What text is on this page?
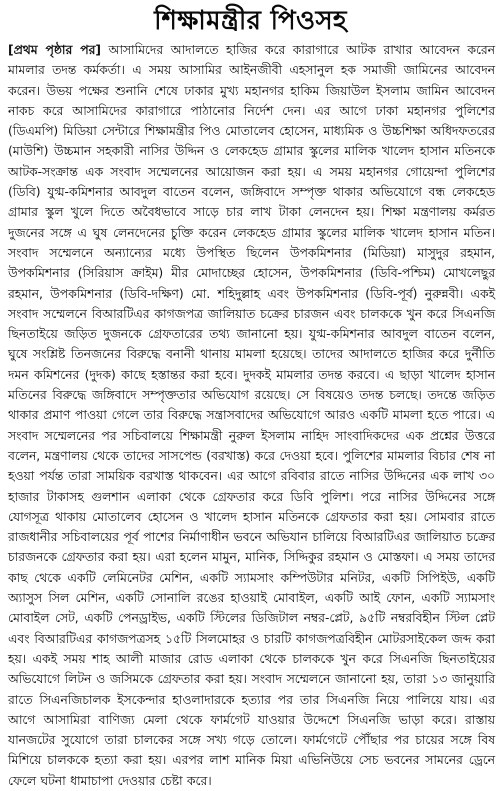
শিক্ষামন্ত্রীর পিওসহ

[প্রথম পৃষ্ঠার পর] আসামিদের আদালতে হাজির করে কারাগারে আটক রাখার আবেদন করেন মামলার তদন্ত কর্মকর্তা। এ সময় আসামির আইনজীবী এহসানুল হক সমাজী জামিনের আবেদন করেন। উভয় পক্ষের শুনানি শেষে ঢাকার মুখ্য মহানগর হাকিম জিয়াউল ইসলাম জামিন আবেদন নাকচ করে আসামিদের কারাগারে পাঠানোর নির্দেশ দেন। এর আগে ঢাকা মহানগর পুলিশের (ডিএমপি) মিডিয়া সেন্টারে শিক্ষামন্ত্রীর পিও মোতালেব হোসেন, মাধ্যমিক ও উচ্চশিক্ষা অধিদফতরের (মাউশি) উচ্চমান সহকারী নাসির উদ্দিন ও লেকহেড গ্রামার স্কুলের মালিক খালেদ হাসান মতিনকে আটক-সংক্রান্ত এক সংবাদ সম্মেলনের আয়োজন করা হয়। এ সময় মহানগর গোয়েন্দা পুলিশের (ডিবি) যুগ্ম-কমিশনার আবদুল বাতেন বলেন, জঙ্গিবাদে সম্পৃক্ত থাকার অভিযোগে বন্ধ লেকহেড গ্রামার স্কুল খুলে দিতে অবৈধভাবে সাড়ে চার লাখ টাকা লেনদেন হয়। শিক্ষা মন্ত্রণালয় কর্মরত দুজনের সঙ্গে এ ঘুষ লেনদেনের চুক্তি করেন লেকহেড গ্রামার স্কুলের মালিক খালেদ হাসান মতিন। সংবাদ সম্মেলনে অন্যান্যের মধ্যে উপস্থিত ছিলেন উপকমিশনার (মিডিয়া) মাসুদুর রহমান, উপকমিশনার (সিরিয়াস ক্রাইম) মীর মোদাচ্ছের হোসেন, উপকমিশনার (ডিবি-পশ্চিম) মোখলেছুর রহমান, উপকমিশনার (ডিবি-দক্ষিণ) মো. শহিদুল্লাহ এবং উপকমিশনার (ডিবি-পূর্ব) নুরুন্নবী। একই সংবাদ সম্মেলনে বিআরটিএর কাগজপত্র জালিয়াত চক্রের চারজন এবং চালককে খুন করে সিএনজি ছিনতাইয়ে জড়িত দুজনকে গ্রেফতারের তথ্য জানানো হয়। যুগ্ম-কমিশনার আবদুল বাতেন বলেন, ঘুষে সংশ্লিষ্ট তিনজনের বিরুদ্ধে বনানী থানায় মামলা হয়েছে। তাদের আদালতে হাজির করে দুর্নীতি দমন কমিশনের (দুদক) কাছে হস্তান্তর করা হবে। দুদকই মামলার তদন্ত করবে। এ ছাড়া খালেদ হাসান মতিনের বিরুদ্ধে জঙ্গিবাদে সম্পৃক্ততার অভিযোগ রয়েছে। সে বিষয়েও তদন্ত চলছে। তদন্তে জড়িত থাকার প্রমাণ পাওয়া গেলে তার বিরুদ্ধে সন্ত্রাসবাদের অভিযোগে আরও একটি মামলা হতে পারে। এ সংবাদ সম্মেলনের পর সচিবালয়ে শিক্ষামন্ত্রী নুরুল ইসলাম নাহিদ সাংবাদিকদের এক প্রশ্নের উত্তরে বলেন, মন্ত্রণালয় থেকে তাদের সাসপেন্ড (বরখাস্ত) করে দেওয়া হবে। পুলিশের মামলার বিচার শেষ না হওয়া পর্যন্ত তারা সাময়িক বরখাস্ত থাকবেন। এর আগে রবিবার রাতে নাসির উদ্দিনের এক লাখ ৩০ হাজার টাকাসহ গুলশান এলাকা থেকে গ্রেফতার করে ডিবি পুলিশ। পরে নাসির উদ্দিনের সঙ্গে যোগসূত্র থাকায় মোতালেব হোসেন ও খালেদ হাসান মতিনকে গ্রেফতার করা হয়। সোমবার রাতে রাজধানীর সচিবালয়ের পূর্ব পাশের নির্মাণাধীন ভবনে অভিযান চালিয়ে বিআরটিএর জালিয়াত চক্রের চারজনকে গ্রেফতার করা হয়। এরা হলেন মামুন, মানিক, সিদ্দিকুর রহমান ও মোস্তফা। এ সময় তাদের কাছ থেকে একটি লেমিনেটর মেশিন, একটি স্যামসাং কম্পিউটার মনিটর, একটি সিপিইউ, একটি অ্যাসুস সিল মেশিন, একটি সোনালি রঙের হাওয়াই মোবাইল, একটি আই ফোন, একটি স্যামসাং মোবাইল সেট, একটি পেনড্রাইভ, একটি স্টিলের ডিজিটাল নম্বর-প্লেট, ৯৫টি নম্বরবিহীন স্টিল প্লেট এবং বিআরটিএর কাগজপত্রসহ ১৫টি সিলমোহর ও চারটি কাগজপত্রবিহীন মোটরসাইকেল জব্দ করা হয়। একই সময় শাহ আলী মাজার রোড এলাকা থেকে চালককে খুন করে সিএনজি ছিনতাইয়ের অভিযোগে লিটন ও জসিমকে গ্রেফতার করা হয়। সংবাদ সম্মেলনে জানানো হয়, তারা ১৩ জানুয়ারি রাতে সিএনজিচালক ইসকেন্দার হাওলাদারকে হত্যার পর তার সিএনজি নিয়ে পালিয়ে যায়। এর আগে আসামিরা বাণিজ্য মেলা থেকে ফার্মগেট যাওয়ার উদ্দেশে সিএনজি ভাড়া করে। রাস্তায় যানজটের সুযোগে তারা চালকের সঙ্গে সখ্য গড়ে তোলে। ফার্মগেটে পৌঁছার পর চায়ের সঙ্গে বিষ মিশিয়ে চালককে হত্যা করা হয়। এরপর লাশ মানিক মিয়া এভিনিউয়ে সেচ ভবনের সামনের ড্রেনে ফেলে ঘটনা ধামাচাপা দেওয়ার চেষ্টা করে।
